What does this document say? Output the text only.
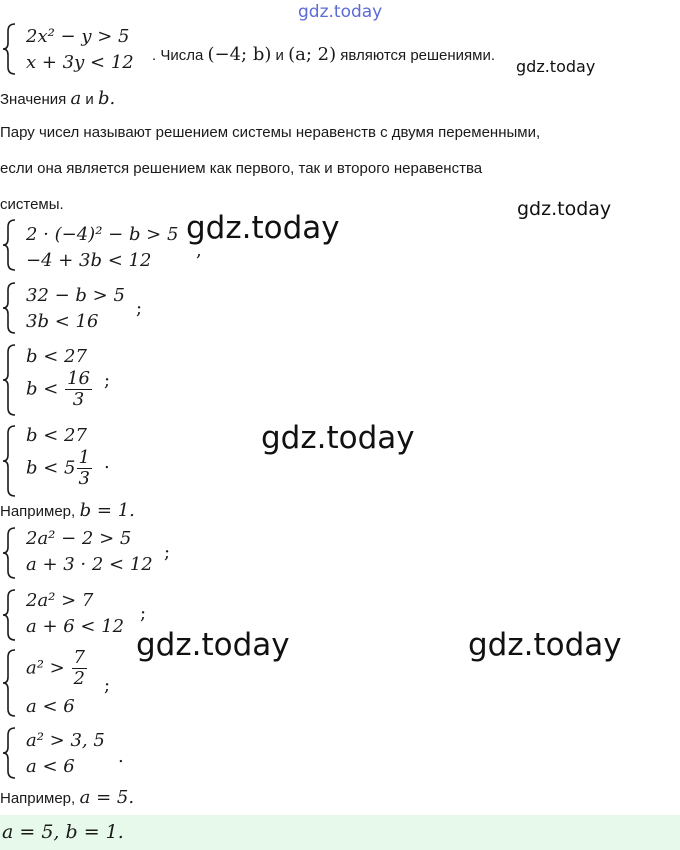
2x² − y > 5
x + 3y < 12 . Числа (−4; b) и (a; 2) являются решениями.
Значения a и b.
Пару чисел называют решением системы неравенств с двумя переменными,
если она является решением как первого, так и второго неравенства
системы.
2 · (−4)² − b > 5
−4 + 3b < 12 ,
32 − b > 5
3b < 16
;
b < 27
$b < \frac{16}{3}$ ;
b < 27
$b < 5 \frac{1}{3}$ .
Например, b = 1.
2a² − 2 > 5
a + 3 · 2 < 12
;
2a² > 7
a + 6 < 12
;
$a^2 > \frac{7}{2}$
a < 6
;
a² > 3, 5
a < 6 .
Например, a = 5.
a = 5, b = 1.
gdz.today
gdz.today
gdz.today
gdz.today
gdz.today
gdz.today	gdz.today
